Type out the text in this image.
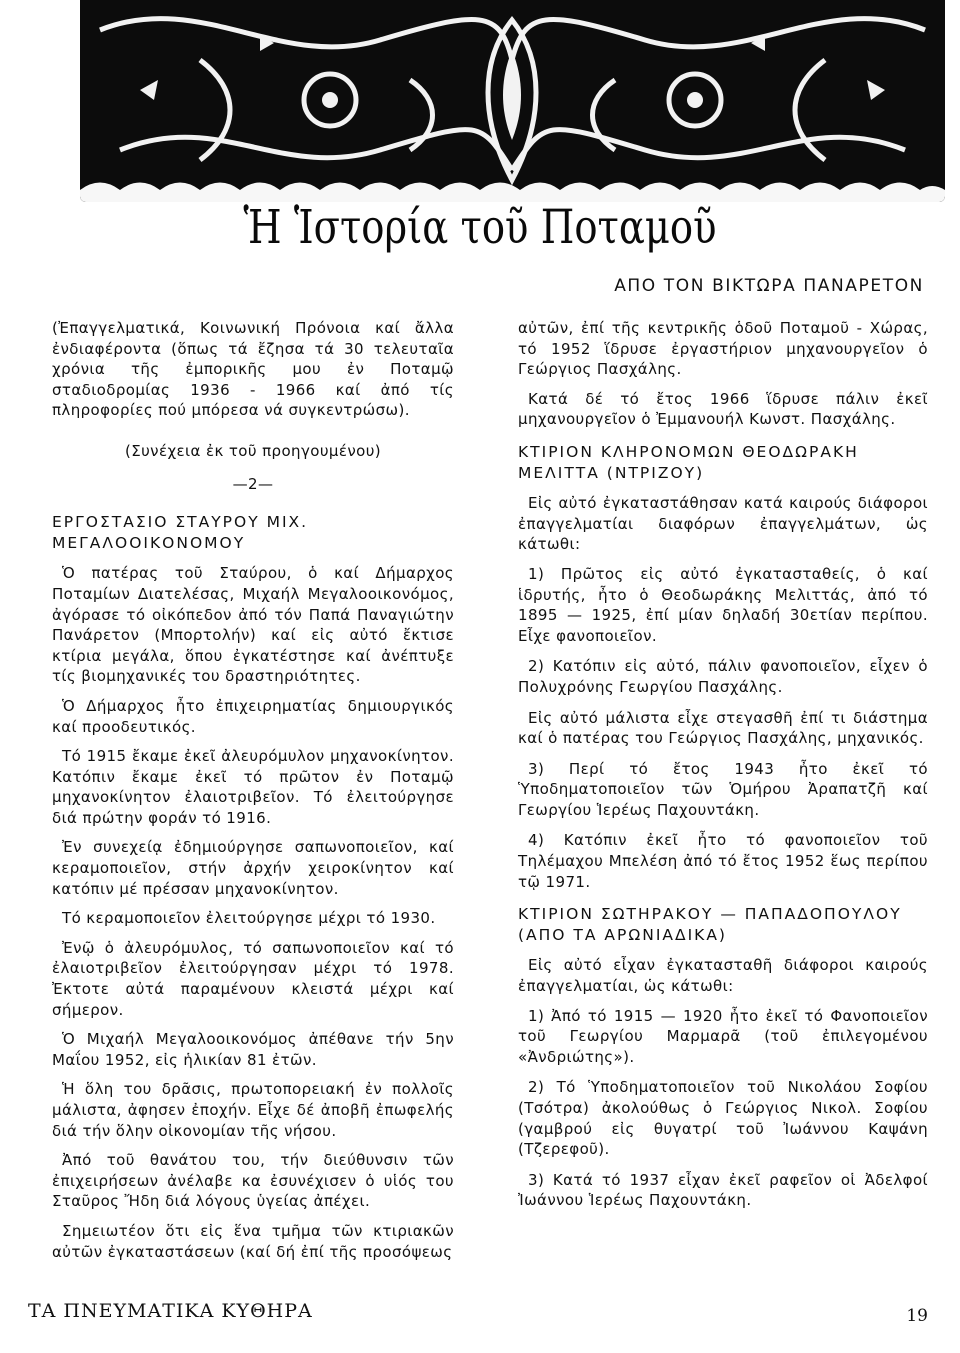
Ἡ Ἱστορία τοῦ Ποταμοῦ
ΑΠΟ ΤΟΝ ΒΙΚΤΩΡΑ ΠΑΝΑΡΕΤΟΝ

(Ἐπαγγελματικά, Κοινωνική Πρόνοια καί ἄλλα ἐνδιαφέροντα (ὅπως τά ἔζησα τά 30 τελευταῖα χρόνια τῆς ἐμπορικῆς μου ἐν Ποταμῷ σταδιοδρομίας 1936 - 1966 καί ἀπό τίς πληροφορίες πού μπόρεσα νά συγκεντρώσω).

(Συνέχεια ἐκ τοῦ προηγουμένου)

—2—

ΕΡΓΟΣΤΑΣΙΟ ΣΤΑΥΡΟΥ ΜΙΧ. ΜΕΓΑΛΟΟΙΚΟΝΟΜΟΥ

Ὁ πατέρας τοῦ Σταύρου, ὁ καί Δήμαρχος Ποταμίων Διατελέσας, Μιχαήλ Μεγαλοοικονόμος, ἀγόρασε τό οἰκόπεδον ἀπό τόν Παπά Παναγιώτην Πανάρετον (Μπορτολήν) καί εἰς αὐτό ἔκτισε κτίρια μεγάλα, ὅπου ἐγκατέστησε καί ἀνέπτυξε τίς βιομηχανικές του δραστηριότητες.

Ὁ Δήμαρχος ἦτο ἐπιχειρηματίας δημιουργικός καί προοδευτικός.

Τό 1915 ἔκαμε ἐκεῖ ἀλευρόμυλον μηχανοκίνητον. Κατόπιν ἔκαμε ἐκεῖ τό πρῶτον ἐν Ποταμῷ μηχανοκίνητον ἐλαιοτριβεῖον. Τό ἐλειτούργησε διά πρώτην φοράν τό 1916.

Ἐν συνεχείᾳ ἐδημιούργησε σαπωνοποιεῖον, καί κεραμοποιεῖον, στήν ἀρχήν χειροκίνητον καί κατόπιν μέ πρέσσαν μηχανοκίνητον.

Τό κεραμοποιεῖον ἐλειτούργησε μέχρι τό 1930.

Ἐνῷ ὁ ἀλευρόμυλος, τό σαπωνοποιεῖον καί τό ἐλαιοτριβεῖον ἐλειτούργησαν μέχρι τό 1978. Ἐκτοτε αὐτά παραμένουν κλειστά μέχρι καί σήμερον.

Ὁ Μιχαήλ Μεγαλοοικονόμος ἀπέθανε τήν 5ην Μαΐου 1952, εἰς ἡλικίαν 81 ἐτῶν.

Ἡ ὅλη του δρᾶσις, πρωτοπορειακή ἐν πολλοῖς μάλιστα, ἀφησεν ἐποχήν. Εἶχε δέ ἀποβῆ ἐπωφελής διά τήν ὅλην οἰκονομίαν τῆς νήσου.

Ἀπό τοῦ θανάτου του, τήν διεύθυνσιν τῶν ἐπιχειρήσεων ἀνέλαβε κα ἐσυνέχισεν ὁ υἱός του Σταῦρος Ἤδη διά λόγους ὑγείας ἀπέχει.

Σημειωτέον ὅτι εἰς ἕνα τμῆμα τῶν κτιριακῶν αὐτῶν ἐγκαταστάσεων (καί δή ἐπί τῆς προσόψεως

αὐτῶν, ἐπί τῆς κεντρικῆς ὁδοῦ Ποταμοῦ - Χώρας, τό 1952 ἵδρυσε ἐργαστήριον μηχανουργεῖον ὁ Γεώργιος Πασχάλης.

Κατά δέ τό ἔτος 1966 ἵδρυσε πάλιν ἐκεῖ μηχανουργεῖον ὁ Ἐμμανουήλ Κωνστ. Πασχάλης.

ΚΤΙΡΙΟΝ ΚΛΗΡΟΝΟΜΩΝ ΘΕΟΔΩΡΑΚΗ ΜΕΛΙΤΤΑ (ΝΤΡΙΖΟΥ)

Εἰς αὐτό ἐγκαταστάθησαν κατά καιρούς διάφοροι ἐπαγγελματίαι διαφόρων ἐπαγγελμάτων, ὡς κάτωθι:

1) Πρῶτος εἰς αὐτό ἐγκατασταθείς, ὁ καί ἱδρυτής, ἦτο ὁ Θεοδωράκης Μελιττάς, ἀπό τό 1895 — 1925, ἐπί μίαν δηλαδή 30ετίαν περίπου. Εἶχε φανοποιεῖον.

2) Κατόπιν εἰς αὐτό, πάλιν φανοποιεῖον, εἶχεν ὁ Πολυχρόνης Γεωργίου Πασχάλης.

Εἰς αὐτό μάλιστα εἶχε στεγασθῆ ἐπί τι διάστημα καί ὁ πατέρας του Γεώργιος Πασχάλης, μηχανικός.

3) Περί τό ἔτος 1943 ἦτο ἐκεῖ τό Ὑποδηματοποιεῖον τῶν Ὁμήρου Ἀραπατζῆ καί Γεωργίου Ἱερέως Παχουντάκη.

4) Κατόπιν ἐκεῖ ἦτο τό φανοποιεῖον τοῦ Τηλέμαχου Μπελέση ἀπό τό ἔτος 1952 ἕως περίπου τῷ 1971.

ΚΤΙΡΙΟΝ ΣΩΤΗΡΑΚΟΥ — ΠΑΠΑΔΟΠΟΥΛΟΥ (ΑΠΟ ΤΑ ΑΡΩΝΙΑΔΙΚΑ)

Εἰς αὐτό εἶχαν ἐγκατασταθῆ διάφοροι καιρούς ἐπαγγελματίαι, ὡς κάτωθι:

1) Ἀπό τό 1915 — 1920 ἦτο ἐκεῖ τό Φανοποιεῖον τοῦ Γεωργίου Μαρμαρᾶ (τοῦ ἐπιλεγομένου «Ἀνδριώτης»).

2) Τό Ὑποδηματοποιεῖον τοῦ Νικολάου Σοφίου (Τσότρα) ἀκολούθως ὁ Γεώργιος Νικολ. Σοφίου (γαμβρού εἰς θυγατρί τοῦ Ἰωάννου Καψάνη (Τζερεφοῦ).

3) Κατά τό 1937 εἶχαν ἐκεῖ ραφεῖον οἱ Ἀδελφοί Ἰωάννου Ἱερέως Παχουντάκη.

ΤΑ ΠΝΕΥΜΑΤΙΚΑ ΚΥΘΗΡΑ	19
